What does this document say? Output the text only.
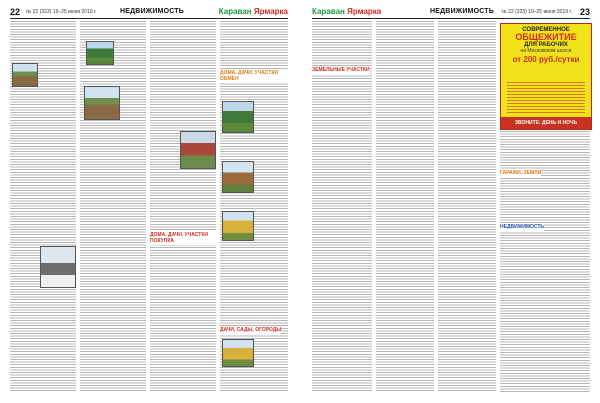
22 № 22 (323) 19–25 июня 2019 г.	НЕДВИЖИМОСТЬ	Караван Ярмарка
ДОМА, ДАЧИ, УЧАСТКИ ПОКУПКА
ДОМА, ДАЧИ, УЧАСТКИ ОБМЕН
ДАЧИ, САДЫ, ОГОРОДЫ
Караван Ярмарка	НЕДВИЖИМОСТЬ № 22 (323) 19–25 июня 2019 г. 23
ЗЕМЕЛЬНЫЕ УЧАСТКИ
ГАРАЖИ, ЗЕМЛИ
НЕДВИЖИМОСТЬ
СОВРЕМЕННОЕ
ОБЩЕЖИТИЕ
ДЛЯ РАБОЧИХ
на Московском шоссе
от 200 руб./сутки
ЗВОНИТЕ: ДЕНЬ И НОЧЬ
